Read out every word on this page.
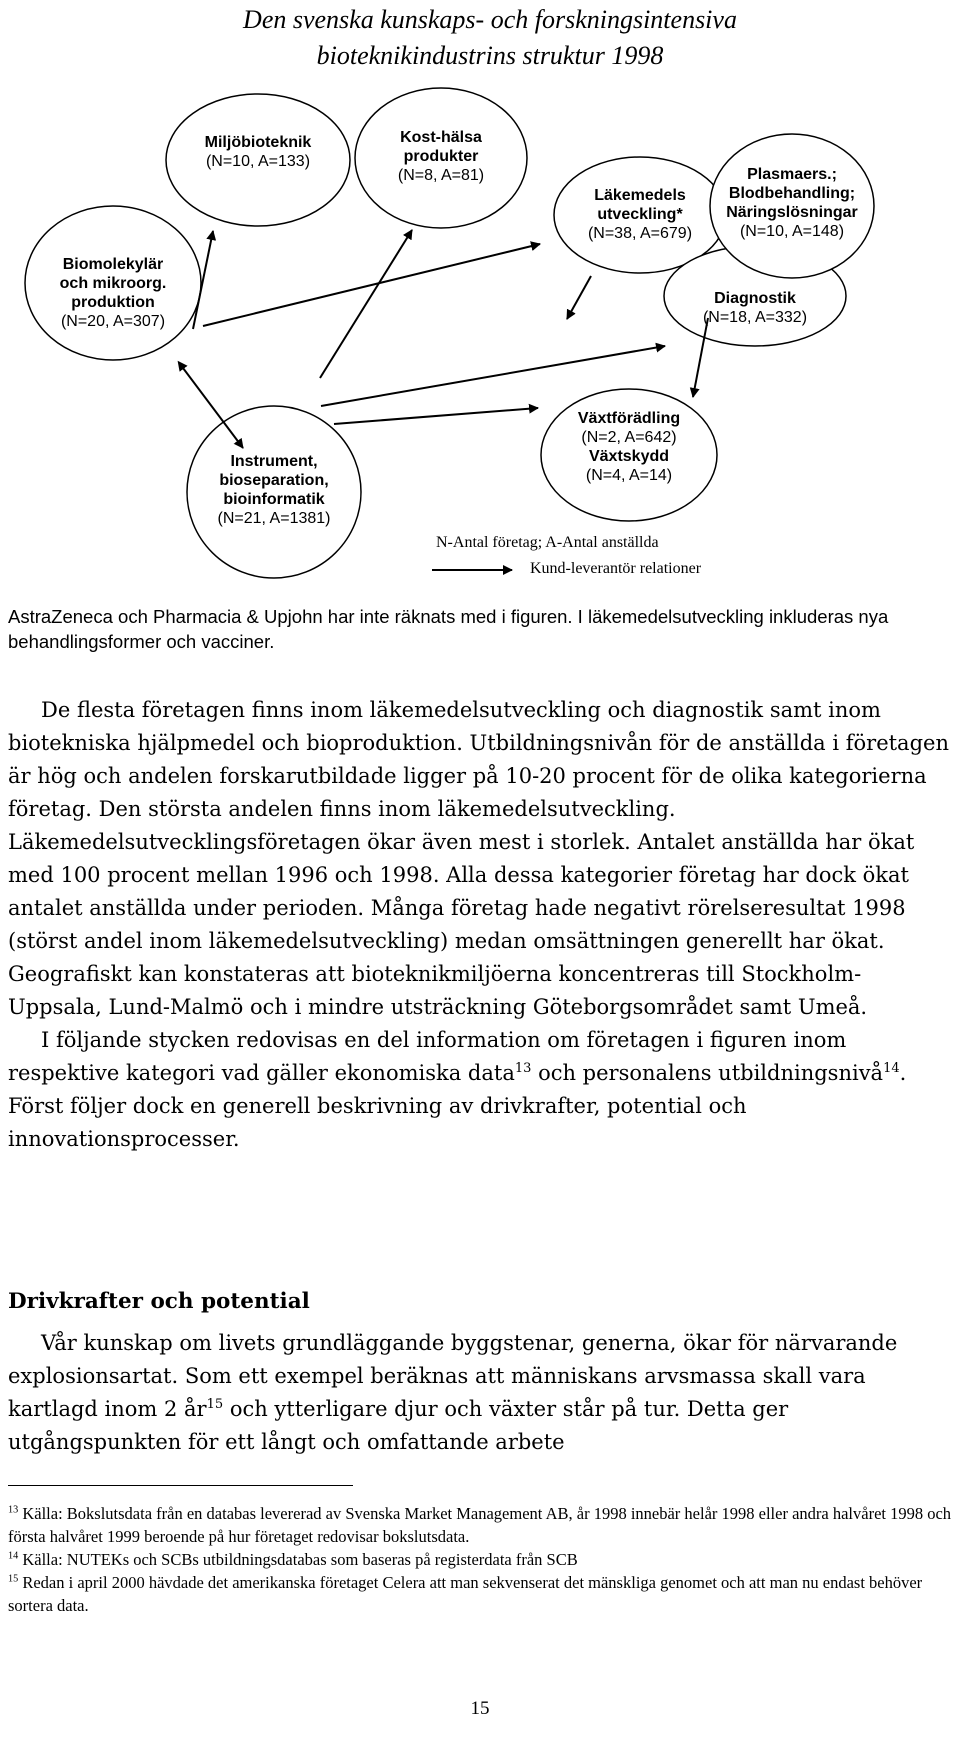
Den svenska kunskaps- och forskningsintensiva
bioteknikindustrins struktur 1998
Biomolekylär
och mikroorg.
produktion
(N=20, A=307)
Miljöbioteknik
(N=10, A=133)
Kost-hälsa
produkter
(N=8, A=81)
Läkemedels
utveckling*
(N=38, A=679)
Plasmaers.;
Blodbehandling;
Näringslösningar
(N=10, A=148)
Diagnostik
(N=18, A=332)
Instrument,
bioseparation,
bioinformatik
(N=21, A=1381)
Växtförädling
(N=2, A=642)
Växtskydd
(N=4, A=14)
N-Antal företag; A-Antal anställda
Kund-leverantör relationer
AstraZeneca och Pharmacia & Upjohn har inte räknats med i figuren. I läkemedelsutveckling inkluderas nya behandlingsformer och vacciner.

De flesta företagen finns inom läkemedelsutveckling och diagnostik samt inom biotekniska hjälpmedel och bioproduktion. Utbildningsnivån för de anställda i företagen är hög och andelen forskarutbildade ligger på 10-20 procent för de olika kategorierna företag. Den största andelen finns inom läkemedelsutveckling. Läkemedelsutvecklingsföretagen ökar även mest i storlek. Antalet anställda har ökat med 100 procent mellan 1996 och 1998. Alla dessa kategorier företag har dock ökat antalet anställda under perioden. Många företag hade negativt rörelseresultat 1998 (störst andel inom läkemedelsutveckling) medan omsättningen generellt har ökat. Geografiskt kan konstateras att bioteknikmiljöerna koncentreras till Stockholm-Uppsala, Lund-Malmö och i mindre utsträckning Göteborgsområdet samt Umeå.

I följande stycken redovisas en del information om företagen i figuren inom respektive kategori vad gäller ekonomiska data$^{13}$ och personalens utbildningsnivå$^{14}$. Först följer dock en generell beskrivning av drivkrafter, potential och innovationsprocesser.

Drivkrafter och potential

Vår kunskap om livets grundläggande byggstenar, generna, ökar för närvarande explosionsartat. Som ett exempel beräknas att människans arvsmassa skall vara kartlagd inom 2 $år^{15}$ och ytterligare djur och växter står på tur. Detta ger utgångspunkten för ett långt och omfattande arbete

$^{13}$ Källa: Bokslutsdata från en databas levererad av Svenska Market Management AB, år 1998 innebär helår 1998 eller andra halvåret 1998 och första halvåret 1999 beroende på hur företaget redovisar bokslutsdata.

$^{14}$ Källa: NUTEKs och SCBs utbildningsdatabas som baseras på registerdata från SCB

$^{15}$ Redan i april 2000 hävdade det amerikanska företaget Celera att man sekvenserat det mänskliga genomet och att man nu endast behöver sortera data.

15
